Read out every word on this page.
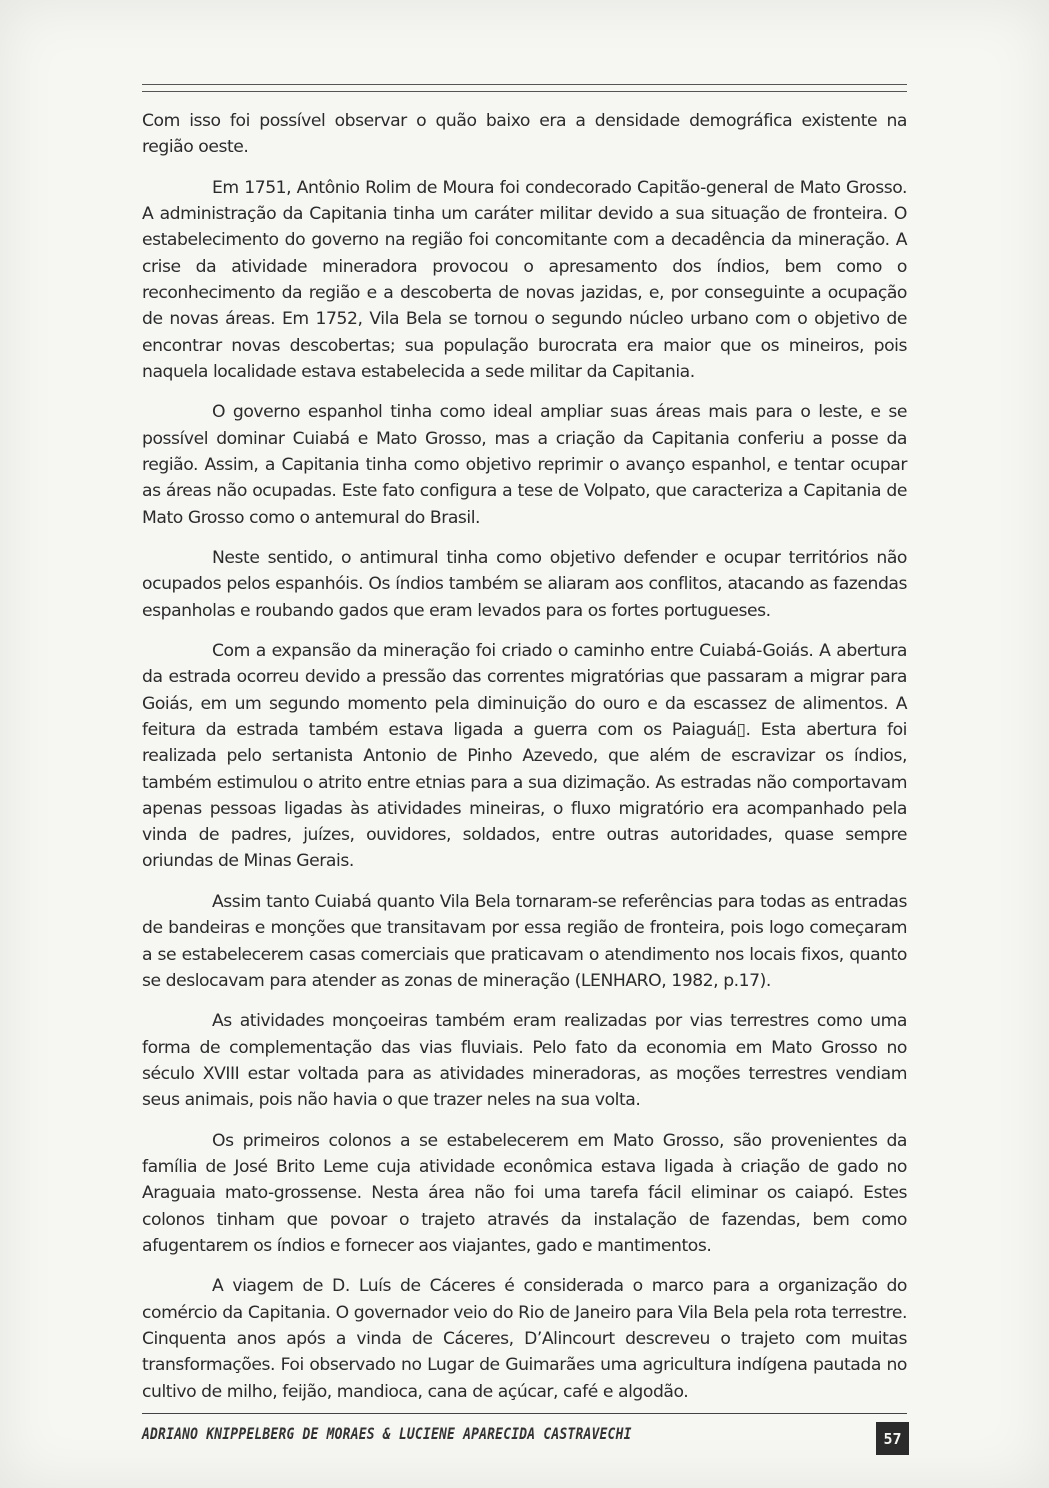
Com isso foi possível observar o quão baixo era a densidade demográfica existente na região oeste.

Em 1751, Antônio Rolim de Moura foi condecorado Capitão-general de Mato Grosso. A administração da Capitania tinha um caráter militar devido a sua situação de fronteira. O estabelecimento do governo na região foi concomitante com a decadência da mineração. A crise da atividade mineradora provocou o apresamento dos índios, bem como o reconhecimento da região e a descoberta de novas jazidas, e, por conseguinte a ocupação de novas áreas. Em 1752, Vila Bela se tornou o segundo núcleo urbano com o objetivo de encontrar novas descobertas; sua população burocrata era maior que os mineiros, pois naquela localidade estava estabelecida a sede militar da Capitania.

O governo espanhol tinha como ideal ampliar suas áreas mais para o leste, e se possível dominar Cuiabá e Mato Grosso, mas a criação da Capitania conferiu a posse da região. Assim, a Capitania tinha como objetivo reprimir o avanço espanhol, e tentar ocupar as áreas não ocupadas. Este fato configura a tese de Volpato, que caracteriza a Capitania de Mato Grosso como o antemural do Brasil.

Neste sentido, o antimural tinha como objetivo defender e ocupar territórios não ocupados pelos espanhóis. Os índios também se aliaram aos conflitos, atacando as fazendas espanholas e roubando gados que eram levados para os fortes portugueses.

Com a expansão da mineração foi criado o caminho entre Cuiabá-Goiás. A abertura da estrada ocorreu devido a pressão das correntes migratórias que passaram a migrar para Goiás, em um segundo momento pela diminuição do ouro e da escassez de alimentos. A feitura da estrada também estava ligada a guerra com os Paiaguá▯. Esta abertura foi realizada pelo sertanista Antonio de Pinho Azevedo, que além de escravizar os índios, também estimulou o atrito entre etnias para a sua dizimação. As estradas não comportavam apenas pessoas ligadas às atividades mineiras, o fluxo migratório era acompanhado pela vinda de padres, juízes, ouvidores, soldados, entre outras autoridades, quase sempre oriundas de Minas Gerais.

Assim tanto Cuiabá quanto Vila Bela tornaram-se referências para todas as entradas de bandeiras e monções que transitavam por essa região de fronteira, pois logo começaram a se estabelecerem casas comerciais que praticavam o atendimento nos locais fixos, quanto se deslocavam para atender as zonas de mineração (LENHARO, 1982, p.17).

As atividades monçoeiras também eram realizadas por vias terrestres como uma forma de complementação das vias fluviais. Pelo fato da economia em Mato Grosso no século XVIII estar voltada para as atividades mineradoras, as moções terrestres vendiam seus animais, pois não havia o que trazer neles na sua volta.

Os primeiros colonos a se estabelecerem em Mato Grosso, são provenientes da família de José Brito Leme cuja atividade econômica estava ligada à criação de gado no Araguaia mato-grossense. Nesta área não foi uma tarefa fácil eliminar os caiapó. Estes colonos tinham que povoar o trajeto através da instalação de fazendas, bem como afugentarem os índios e fornecer aos viajantes, gado e mantimentos.

A viagem de D. Luís de Cáceres é considerada o marco para a organização do comércio da Capitania. O governador veio do Rio de Janeiro para Vila Bela pela rota terrestre. Cinquenta anos após a vinda de Cáceres, D’Alincourt descreveu o trajeto com muitas transformações. Foi observado no Lugar de Guimarães uma agricultura indígena pautada no cultivo de milho, feijão, mandioca, cana de açúcar, café e algodão.

ADRIANO KNIPPELBERG DE MORAES & LUCIENE APARECIDA CASTRAVECHI	57
